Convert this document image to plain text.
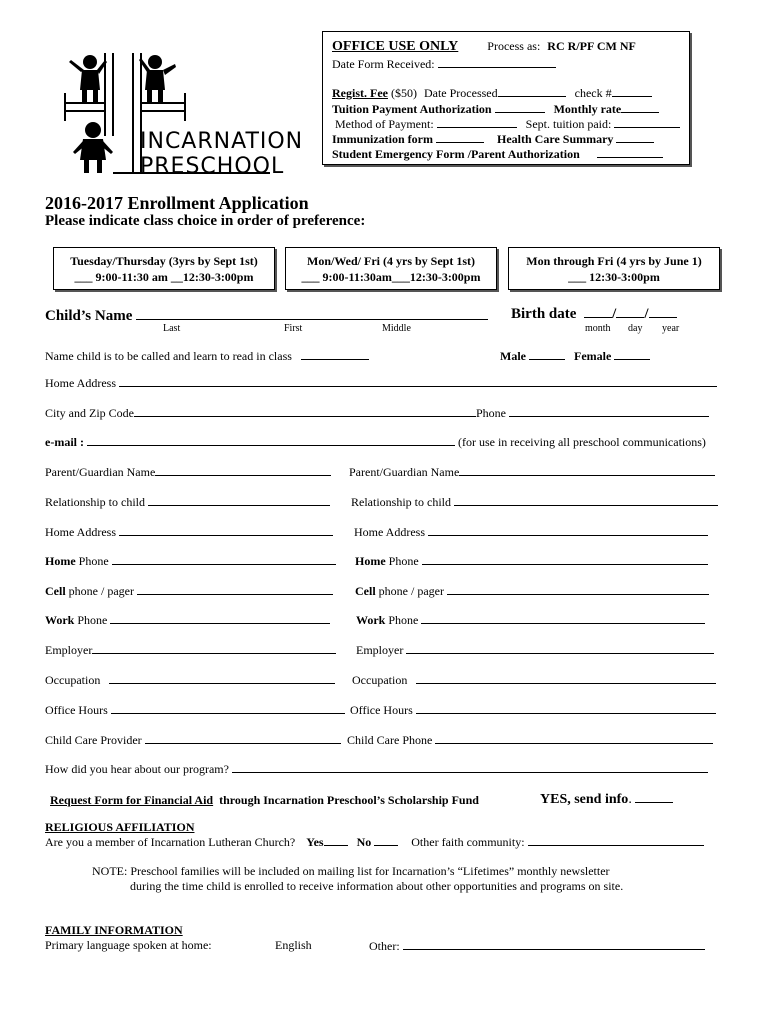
INCARNATION
PRESCHOOL
OFFICE USE ONLY Process as: RC R/PF CM NF
Date Form Received:
Regist. Fee ($50) Date Processed	check #
Tuition Payment Authorization	Monthly rate
Method of Payment:	Sept. tuition paid:
Immunization form	Health Care Summary
Student Emergency Form /Parent Authorization
2016-2017 Enrollment Application
Please indicate class choice in order of preference:
Tuesday/Thursday (3yrs by Sept 1st)
___ 9:00-11:30 am __12:30-3:00pm
Mon/Wed/ Fri (4 yrs by Sept 1st)
___ 9:00-11:30am___12:30-3:00pm
Mon through Fri (4 yrs by June 1)
___ 12:30-3:00pm
Child’s Name
Last	First	Middle
Birth date / /
month day year
Name child is to be called and learn to read in class	Male	Female
Home Address
City and Zip Code	Phone
e-mail :	(for use in receiving all preschool communications)
Parent/Guardian Name	Parent/Guardian Name
Relationship to child	Relationship to child
Home Address	Home Address
Home Phone	Home Phone
Cell phone / pager	Cell phone / pager
Work Phone	Work Phone
Employer	Employer
Occupation	Occupation
Office Hours	Office Hours
Child Care Provider	Child Care Phone
How did you hear about our program?
Request Form for Financial Aid through Incarnation Preschool’s Scholarship Fund	YES, send info.
RELIGIOUS AFFILIATION
Are you a member of Incarnation Lutheran Church? Yes	No	Other faith community:
NOTE: Preschool families will be included on mailing list for Incarnation’s “Lifetimes” monthly newsletter
during the time child is enrolled to receive information about other opportunities and programs on site.
FAMILY INFORMATION
Primary language spoken at home:	English	Other:
